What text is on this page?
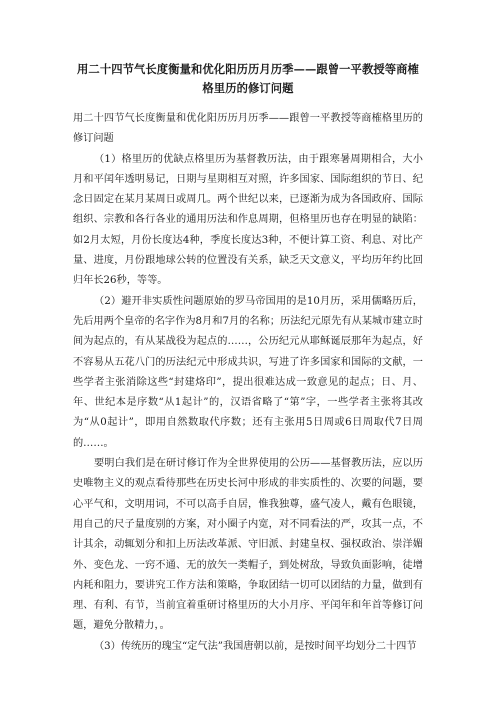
用二十四节气长度衡量和优化阳历历月历季——跟曾一平教授等商榷格里历的修订问题

用二十四节气长度衡量和优化阳历历月历季——跟曾一平教授等商榷格里历的修订问题

（1）格里历的优缺点格里历为基督教历法，由于跟寒暑周期相合，大小月和平闰年透明易记，日期与星期相互对照，许多国家、国际组织的节日、纪念日固定在某月某周日或周几。两个世纪以来，已逐渐为成为各国政府、国际组织、宗教和各行各业的通用历法和作息周期，但格里历也存在明显的缺陷：如2月太短，月份长度达4种，季度长度达3种，不便计算工资、利息、对比产量、进度，月份跟地球公转的位置没有关系，缺乏天文意义，平均历年约比回归年长26秒，等等。

（2）避开非实质性问题原始的罗马帝国用的是10月历，采用儒略历后，先后用两个皇帝的名字作为8月和7月的名称；历法纪元原先有从某城市建立时间为起点的，有从某战役为起点的……，公历纪元从耶稣诞辰那年为起点，好不容易从五花八门的历法纪元中形成共识，写进了许多国家和国际的文献，一些学者主张消除这些“封建烙印”，提出很难达成一致意见的起点；日、月、年、世纪本是序数“从1起计”的，汉语省略了“第”字，一些学者主张将其改为“从0起计”，即用自然数取代序数；还有主张用5日周或6日周取代7日周的……。

要明白我们是在研讨修订作为全世界使用的公历——基督教历法，应以历史唯物主义的观点看待那些在历史长河中形成的非实质性的、次要的问题，要心平气和，文明用词，不可以高手自居，惟我独尊，盛气凌人，戴有色眼镜，用自己的尺子量度别的方案，对小圈子内宽，对不同看法的严，攻其一点，不计其余，动辄划分和扣上历法改革派、守旧派、封建皇权、强权政治、崇洋媚外、变色龙、一窍不通、无的放矢一类帽子，到处树敌，导致负面影响，徒增内耗和阻力，要讲究工作方法和策略，争取团结一切可以团结的力量，做到有理、有利、有节，当前宜着重研讨格里历的大小月序、平闰年和年首等修订问题，避免分散精力，。

（3）传统历的瑰宝“定气法”我国唐朝以前，是按时间平均划分二十四节
